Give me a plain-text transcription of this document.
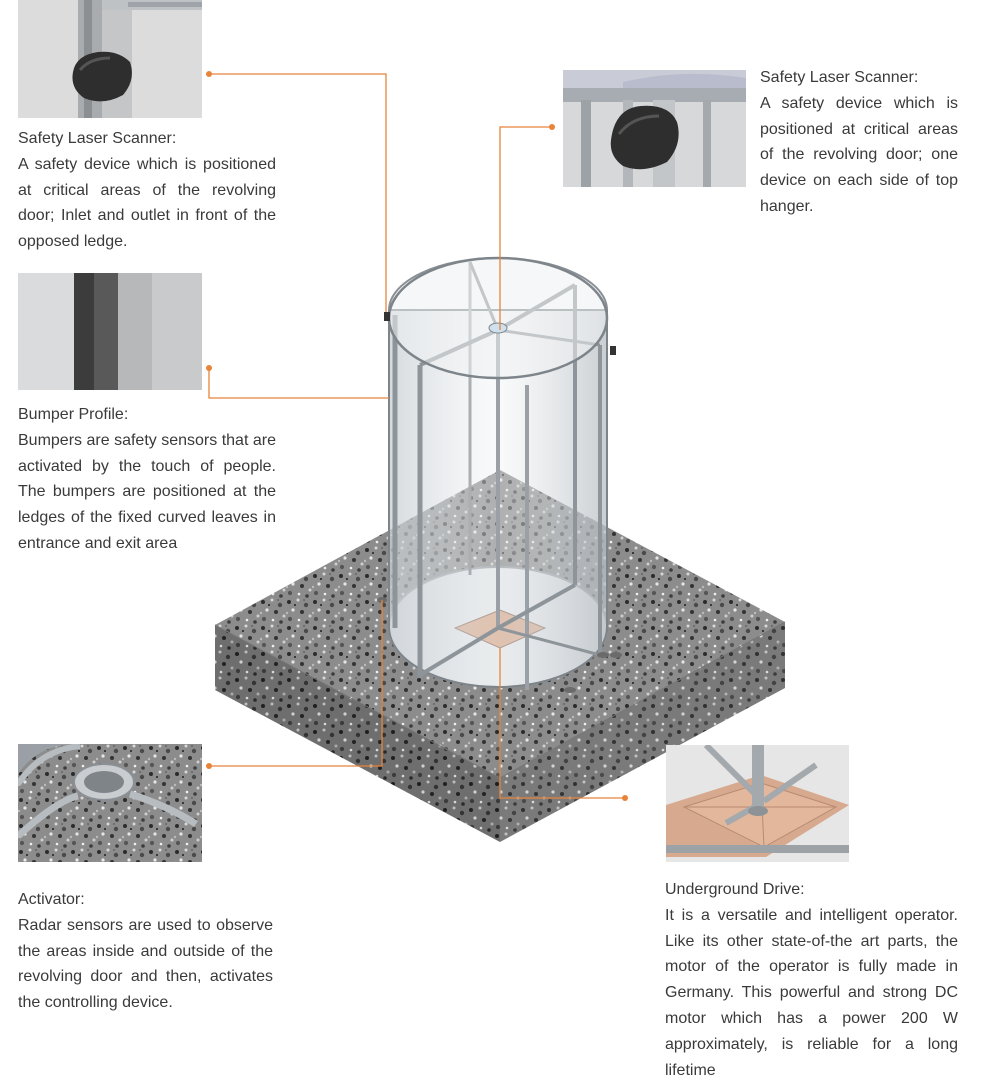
Safety Laser Scanner:
A safety device which is positioned at critical areas of the revolving door; Inlet and outlet in front of the opposed ledge.
Safety Laser Scanner:
A safety device which is positioned at critical areas of the revolving door; one device on each side of top hanger.
Bumper Profile:
Bumpers are safety sensors that are activated by the touch of people. The bumpers are positioned at the ledges of the fixed curved leaves in entrance and exit area
Activator:
Radar sensors are used to observe the areas inside and outside of the revolving door and then, activates the controlling device.
Underground Drive:
It is a versatile and intelligent operator. Like its other state-of-the art parts, the motor of the operator is fully made in Germany. This powerful and strong DC motor which has a power 200 W approximately, is reliable for a long lifetime
